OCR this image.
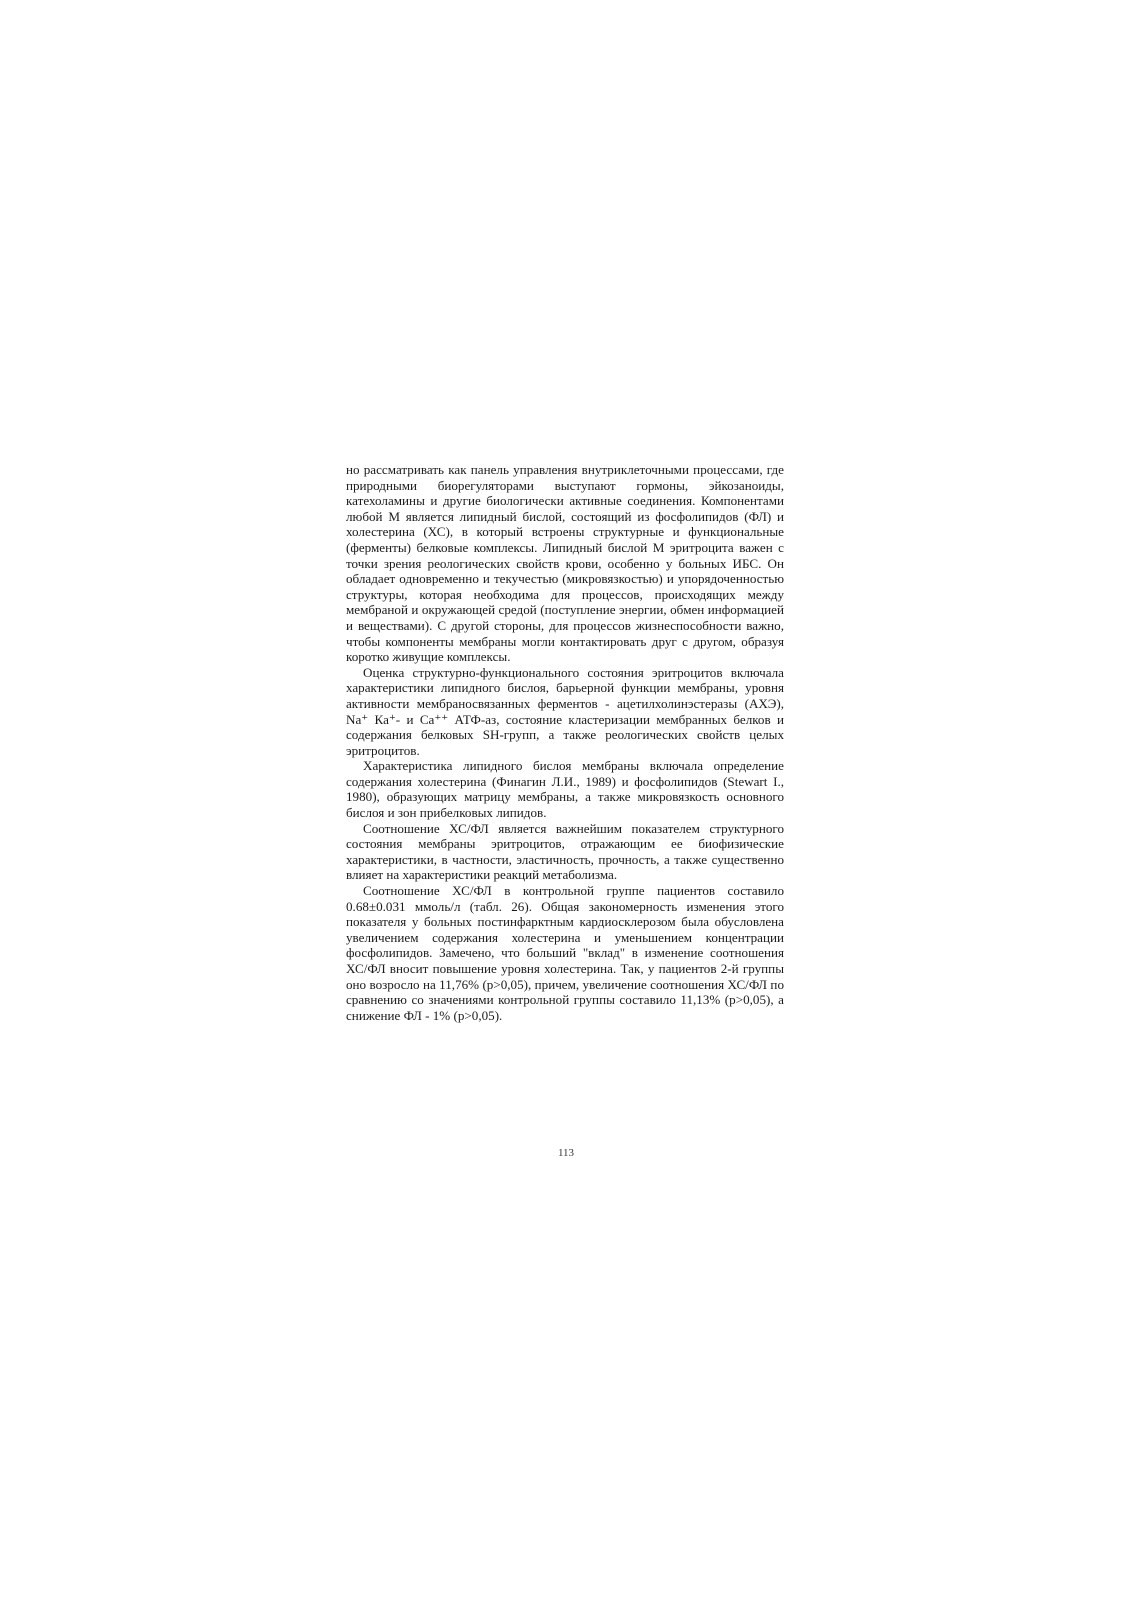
но рассматривать как панель управления внутриклеточными процессами, где природными биорегуляторами выступают гормоны, эйкозаноиды, катехоламины и другие биологически активные соединения. Компонентами любой М является липидный бислой, состоящий из фосфолипидов (ФЛ) и холестерина (ХС), в который встроены структурные и функциональные (ферменты) белковые комплексы. Липидный бислой М эритроцита важен с точки зрения реологических свойств крови, особенно у больных ИБС. Он обладает одновременно и текучестью (микровязкостью) и упорядоченностью структуры, которая необходима для процессов, происходящих между мембраной и окружающей средой (поступление энергии, обмен информацией и веществами). С другой стороны, для процессов жизнеспособности важно, чтобы компоненты мембраны могли контактировать друг с другом, образуя коротко живущие комплексы.

Оценка структурно-функционального состояния эритроцитов включала характеристики липидного бислоя, барьерной функции мембраны, уровня активности мембраносвязанных ферментов - ацетилхолинэстеразы (АХЭ), Na⁺ Ка⁺- и Са⁺⁺ АТФ-аз, состояние кластеризации мембранных белков и содержания белковых SH-групп, а также реологических свойств целых эритроцитов.

Характеристика липидного бислоя мембраны включала определение содержания холестерина (Финагин Л.И., 1989) и фосфолипидов (Stewart I., 1980), образующих матрицу мембраны, а также микровязкость основного бислоя и зон прибелковых липидов.

Соотношение ХС/ФЛ является важнейшим показателем структурного состояния мембраны эритроцитов, отражающим ее биофизические характеристики, в частности, эластичность, прочность, а также существенно влияет на характеристики реакций метаболизма.

Соотношение ХС/ФЛ в контрольной группе пациентов составило 0.68±0.031 ммоль/л (табл. 26). Общая закономерность изменения этого показателя у больных постинфарктным кардиосклерозом была обусловлена увеличением содержания холестерина и уменьшением концентрации фосфолипидов. Замечено, что больший "вклад" в изменение соотношения ХС/ФЛ вносит повышение уровня холестерина. Так, у пациентов 2-й группы оно возросло на 11,76% (р>0,05), причем, увеличение соотношения ХС/ФЛ по сравнению со значениями контрольной группы составило 11,13% (р>0,05), а снижение ФЛ - 1% (р>0,05).

113
